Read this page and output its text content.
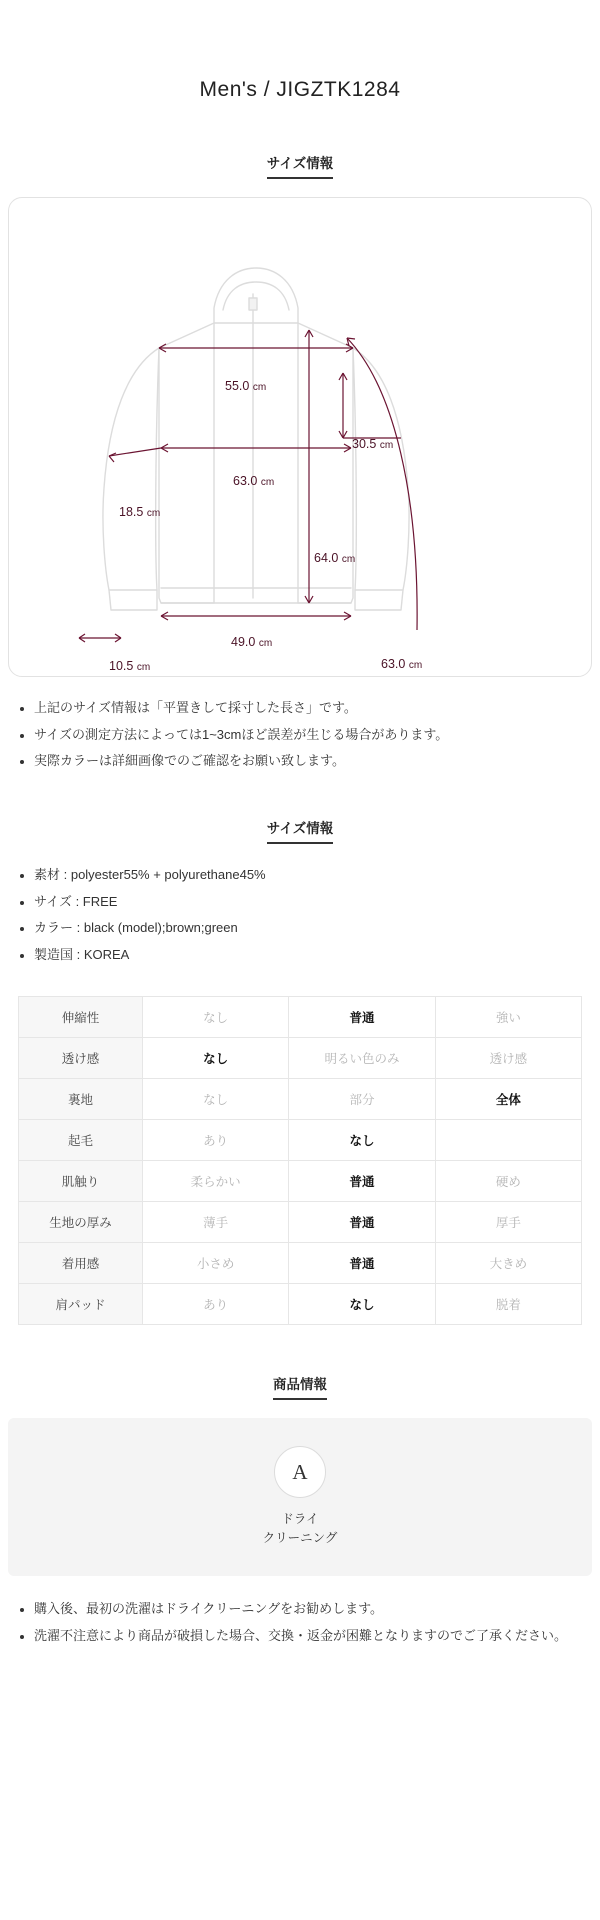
Men's / JIGZTK1284
サイズ情報
55.0 cm
30.5 cm
63.0 cm
18.5 cm
64.0 cm
49.0 cm
10.5 cm	63.0 cm
上記のサイズ情報は「平置きして採寸した長さ」です。
サイズの測定方法によっては1~3cmほど誤差が生じる場合があります。
実際カラーは詳細画像でのご確認をお願い致します。
サイズ情報
素材 : polyester55% + polyurethane45%
サイズ : FREE
カラー : black (model);brown;green
製造国 : KOREA
伸縮性	なし	普通	強い
透け感	なし	明るい色のみ	透け感
裏地	なし	部分	全体
起毛	あり	なし	
肌触り	柔らかい	普通	硬め
生地の厚み	薄手	普通	厚手
着用感	小さめ	普通	大きめ
肩パッド	あり	なし	脱着
商品情報
A
ドライ
クリーニング
購入後、最初の洗濯はドライクリーニングをお勧めします。
洗濯不注意により商品が破損した場合、交換・返金が困難となりますのでご了承ください。
